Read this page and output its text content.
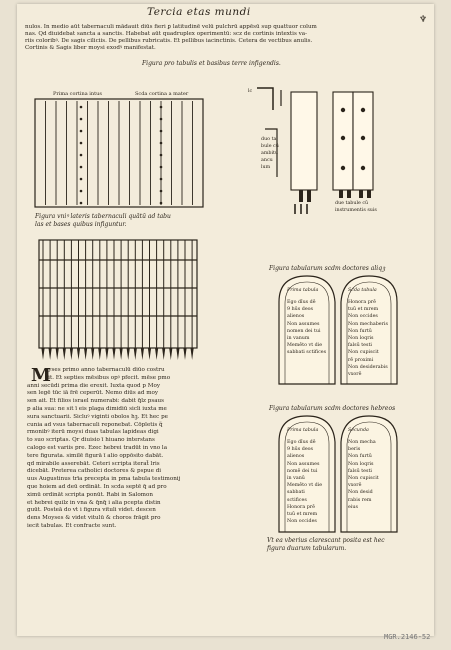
Tercia etas mundi
♆
nulos. In medio aūt tabernaculi mādauit diūs fieri ꝑ latitudinē velū pulchrū appēsū sup quattuor colum
nas. Qd diuidebat sancta a sanctis. Habebat aūt quadruplex operimentū: scz de cortinis intextis va-
riis coloribꝰ. De sagis ciliciis. De pellibus rubricatis. Et pellibus iacinctinis. Cetera de vectibus anulis.
Cortinis & Sagis liber moysi exodꝰ manifestat.
Figura pro tabulis et basibus terre infigendis.
Prima cortina intus	Scda cortina a mater
Figura vniꝰ lateris tabernaculi quātū ad tabu
las et bases quibus infiguntur.
lc
duo ta
bule cū
ambitu
ancu
lum
due tabule cū
instrumentis suis
M
oyses primo anno tabernaculū diūo costru
xit. Et septies mēsibus opꝰ pfecit. mēse pmo
anni secūdi prima die erexit. Iuxta quod p Moy
sen legē tūc iā frē ceperūt. Nemo diūs ad moy
sen ait. Et filios israel numerabi: dabit q̄lz psaus
p alia sua: ne sit ī eis plaga dimidiū sicli iuxta me
sura sanctuarii. Sicluꝰ viginti obolos hꝫ. Et hec pe
cunia ad vsus tabernaculi reponebat. Cōpletis q̃
rmonibꝰ iterū moysi duas tabulas lapideas digi
to suo scriptas. Qr diuisio ī hiuano interstans
calogo est variis pre. Ezec hebrei tradūt in vno la
tere figurata. similē figurā ī alio oppōsito dabāt.
qd mirabile asserebāt. Ceteri scripta iterat̄ lris
dicebāt. Preterea catholici doctores & pspue di
uus Augustinus trīa precepta in pma tabula testimonij
que hoiem ad deū ordināt. In scda septē q̄ ad pro
ximū ordināt scripta ponūt. Rabi in Salomon
et hebrei quilz in vna & q̄nq̄ i alia pcepta distin
guūt. Posteā do vt i figura vituli videt. descen
dens Moyses & videt vitulū & choros frāgit pro
iecit tabulas. Et confracte sunt.
Figura tabularum scdm doctores aliqꝫ
Prima tabula
Ego dīus dē
9 hūs deos
alienos
Non assumes
nomen dei tui
in vanum
Memēto vt die
sabbati sctifices
Scda tabula
Honora prē
tuū et mrem
Non occides
Non mechaberis
Non furtū
Non loqris
falsū testi
Non cupiscit
rē proximi
Non desiderabis
vxorē
Figura tabularum scdm doctores hebreos
Prima tabula
Ego dīus dē
9 hūs deos
alienos
Non assumes
nomē dei tui
in vanū
Memēto vt die
sabbati
sctifices
Honora prē
tuū et mrem
Non occides
Secunda
Non mecha
beris
Non furtū
Non loqris
falsū testi
Non cupiscit
vxorē
Non desid
rabis rem
eius
Vt ea vberius clarescant posita est hec
figura duarum tabularum.
MGR.2146-52
